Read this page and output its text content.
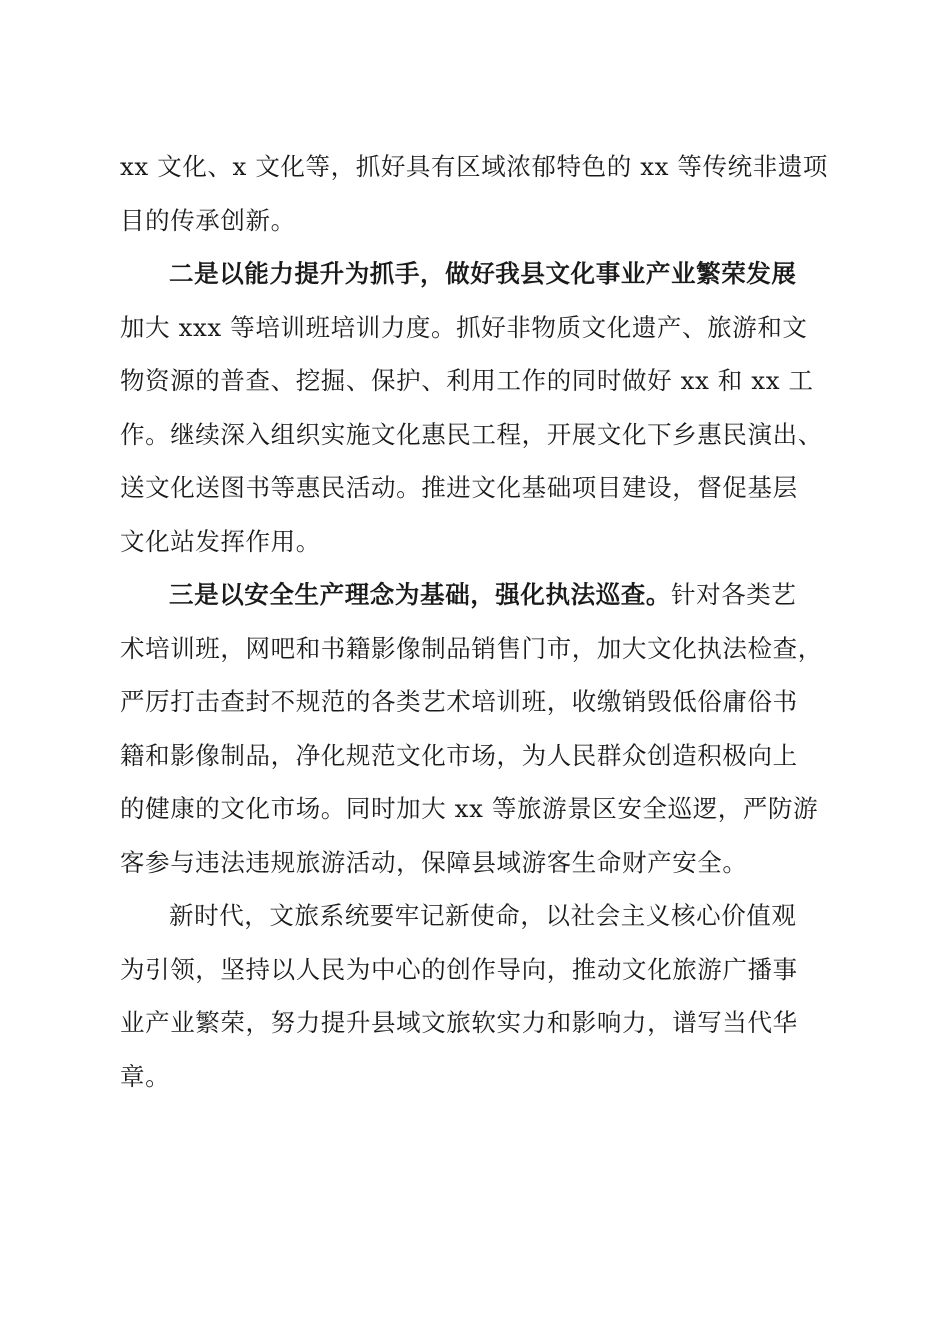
xx 文化、x 文化等，抓好具有区域浓郁特色的 xx 等传统非遗项
目的传承创新。
二是以能力提升为抓手，做好我县文化事业产业繁荣发展
加大 xxx 等培训班培训力度。抓好非物质文化遗产、旅游和文
物资源的普查、挖掘、保护、利用工作的同时做好 xx 和 xx 工
作。继续深入组织实施文化惠民工程，开展文化下乡惠民演出、
送文化送图书等惠民活动。推进文化基础项目建设，督促基层
文化站发挥作用。
三是以安全生产理念为基础，强化执法巡查。针对各类艺
术培训班，网吧和书籍影像制品销售门市，加大文化执法检查，
严厉打击查封不规范的各类艺术培训班，收缴销毁低俗庸俗书
籍和影像制品，净化规范文化市场，为人民群众创造积极向上
的健康的文化市场。同时加大 xx 等旅游景区安全巡逻，严防游
客参与违法违规旅游活动，保障县域游客生命财产安全。
新时代，文旅系统要牢记新使命，以社会主义核心价值观
为引领，坚持以人民为中心的创作导向，推动文化旅游广播事
业产业繁荣，努力提升县域文旅软实力和影响力，谱写当代华
章。
